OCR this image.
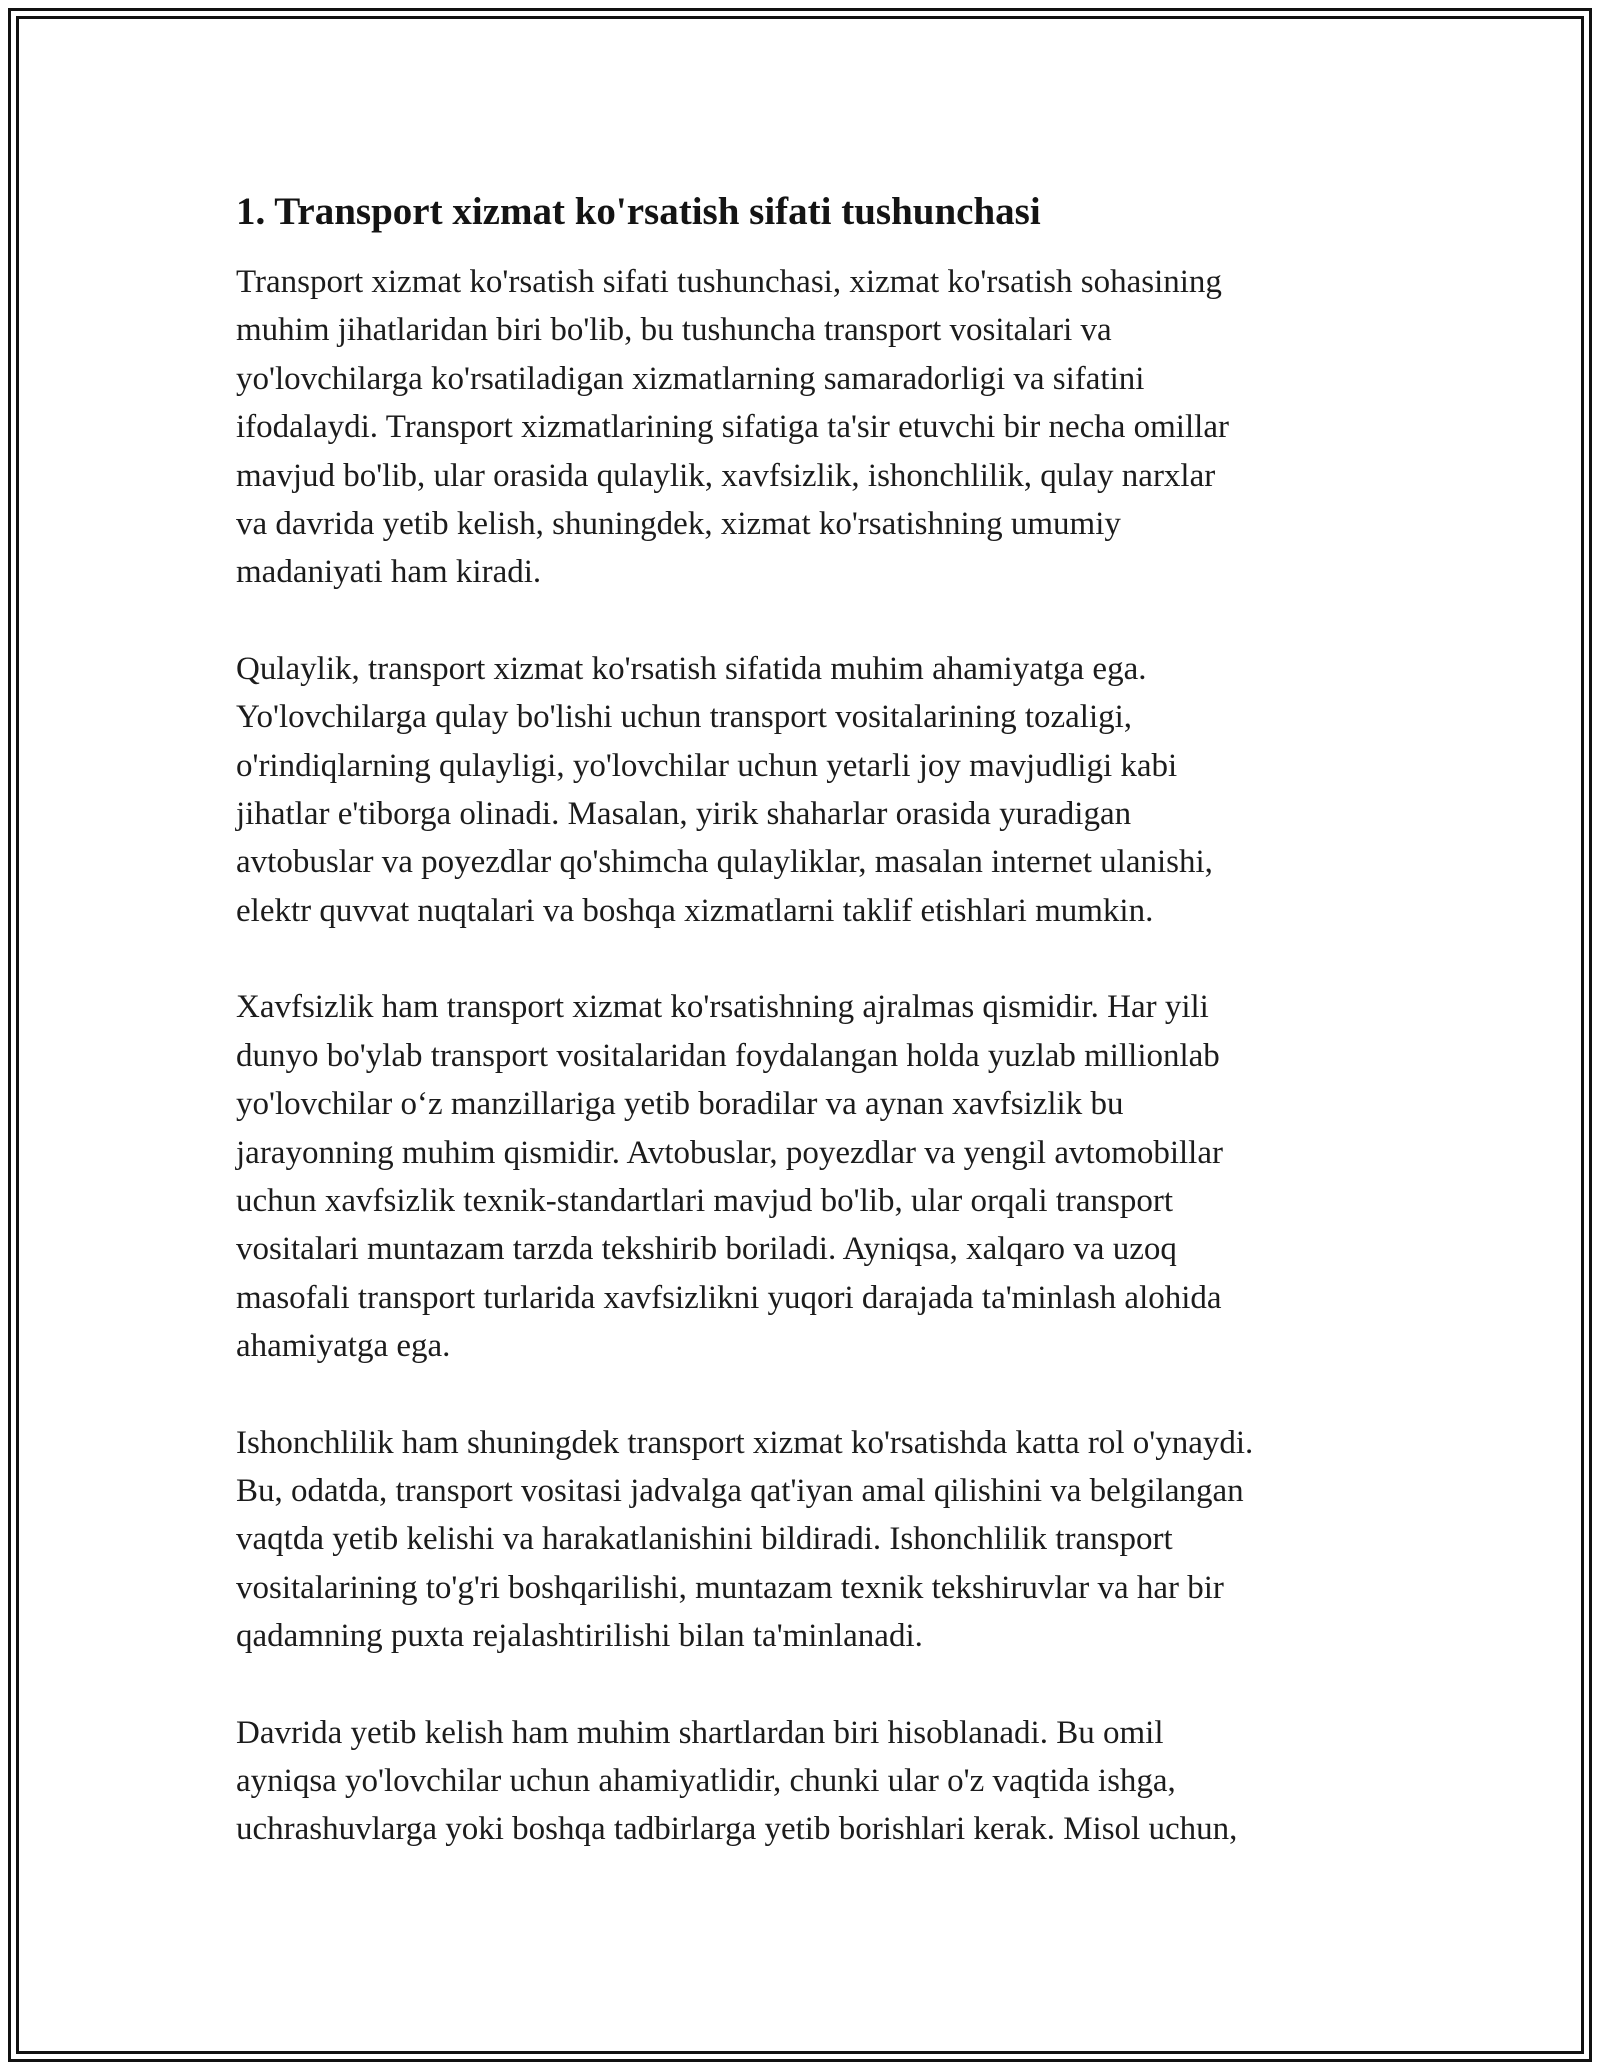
1. Transport xizmat ko'rsatish sifati tushunchasi

Transport xizmat ko'rsatish sifati tushunchasi, xizmat ko'rsatish sohasining
muhim jihatlaridan biri bo'lib, bu tushuncha transport vositalari va
yo'lovchilarga ko'rsatiladigan xizmatlarning samaradorligi va sifatini
ifodalaydi. Transport xizmatlarining sifatiga ta'sir etuvchi bir necha omillar
mavjud bo'lib, ular orasida qulaylik, xavfsizlik, ishonchlilik, qulay narxlar
va davrida yetib kelish, shuningdek, xizmat ko'rsatishning umumiy
madaniyati ham kiradi.

Qulaylik, transport xizmat ko'rsatish sifatida muhim ahamiyatga ega.
Yo'lovchilarga qulay bo'lishi uchun transport vositalarining tozaligi,
o'rindiqlarning qulayligi, yo'lovchilar uchun yetarli joy mavjudligi kabi
jihatlar e'tiborga olinadi. Masalan, yirik shaharlar orasida yuradigan
avtobuslar va poyezdlar qo'shimcha qulayliklar, masalan internet ulanishi,
elektr quvvat nuqtalari va boshqa xizmatlarni taklif etishlari mumkin.

Xavfsizlik ham transport xizmat ko'rsatishning ajralmas qismidir. Har yili
dunyo bo'ylab transport vositalaridan foydalangan holda yuzlab millionlab
yo'lovchilar o‘z manzillariga yetib boradilar va aynan xavfsizlik bu
jarayonning muhim qismidir. Avtobuslar, poyezdlar va yengil avtomobillar
uchun xavfsizlik texnik-standartlari mavjud bo'lib, ular orqali transport
vositalari muntazam tarzda tekshirib boriladi. Ayniqsa, xalqaro va uzoq
masofali transport turlarida xavfsizlikni yuqori darajada ta'minlash alohida
ahamiyatga ega.

Ishonchlilik ham shuningdek transport xizmat ko'rsatishda katta rol o'ynaydi.
Bu, odatda, transport vositasi jadvalga qat'iyan amal qilishini va belgilangan
vaqtda yetib kelishi va harakatlanishini bildiradi. Ishonchlilik transport
vositalarining to'g'ri boshqarilishi, muntazam texnik tekshiruvlar va har bir
qadamning puxta rejalashtirilishi bilan ta'minlanadi.

Davrida yetib kelish ham muhim shartlardan biri hisoblanadi. Bu omil
ayniqsa yo'lovchilar uchun ahamiyatlidir, chunki ular o'z vaqtida ishga,
uchrashuvlarga yoki boshqa tadbirlarga yetib borishlari kerak. Misol uchun,
